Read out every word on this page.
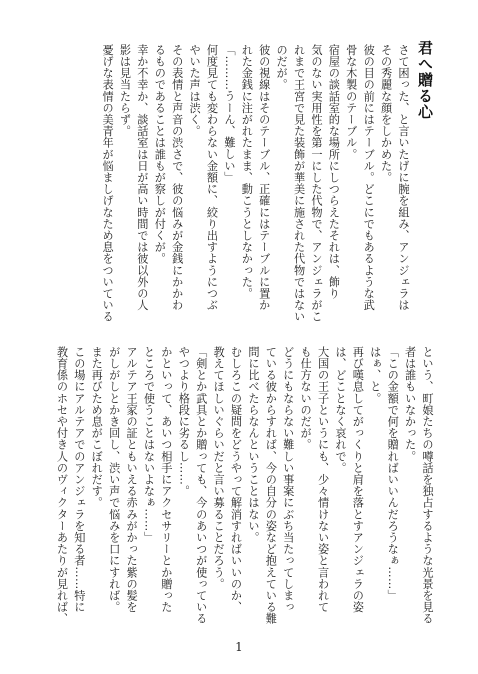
君へ贈る心
さて困った、と言いたげに腕を組み、アンジェラは
その秀麗な顔をしかめた。
彼の目の前にはテーブル。どこにでもあるような武
骨な木製のテーブル。
宿屋の談話室的な場所にしつらえたそれは、飾り
気のない実用性を第一にした代物で、アンジェラがこ
れまで王宮で見た装飾が華美に施された代物ではない
のだが。
彼の視線はそのテーブル、正確にはテーブルに置か
れた金銭に注がれたまま、動こうとしなかった。
「………うーん、難しい」
何度見ても変わらない金額に、絞り出すようにつぶ
やいた声は渋く。
その表情と声音の渋さで、彼の悩みが金銭にかかわ
るものであることは誰もが察しが付くが。
幸か不幸か、談話室は日が高い時間では彼以外の人
影は見当たらず。
憂げな表情の美青年が悩ましげなため息をついている
という、町娘たちの噂話を独占するような光景を見る
者は誰もいなかった。
「この金額で何を贈ればいいんだろうなぁ……」
はぁ、と。
再び嘆息してがっくりと肩を落とすアンジェラの姿
は、どことなく哀れで。
大国の王子というにも、少々情けない姿と言われて
も仕方ないのだが。
どうにもならない難しい事案にぶち当たってしまっ
ている彼からすれば、今の自分の姿など抱えている難
問に比べたらなんということはない。
むしろこの疑問をどうやって解消すればいいのか、
教えてほしいぐらいだと言い募ることだろう。
「剣とか武具とか贈っても、今のあいつが使っている
やつより格段に劣るし……。
かといって、あいつ相手にアクセサリーとか贈った
ところで使うことはないよなぁ……」
アルテア王家の証ともいえる赤みがかった紫の髪を
がしがしとかき回し、渋い声で悩みを口にすれば。
また再びため息がこぼれだす。
この場にアルテアでのアンジェラを知る者……特に
教育係のホセや付き人のヴィクターあたりが見れば、
1
